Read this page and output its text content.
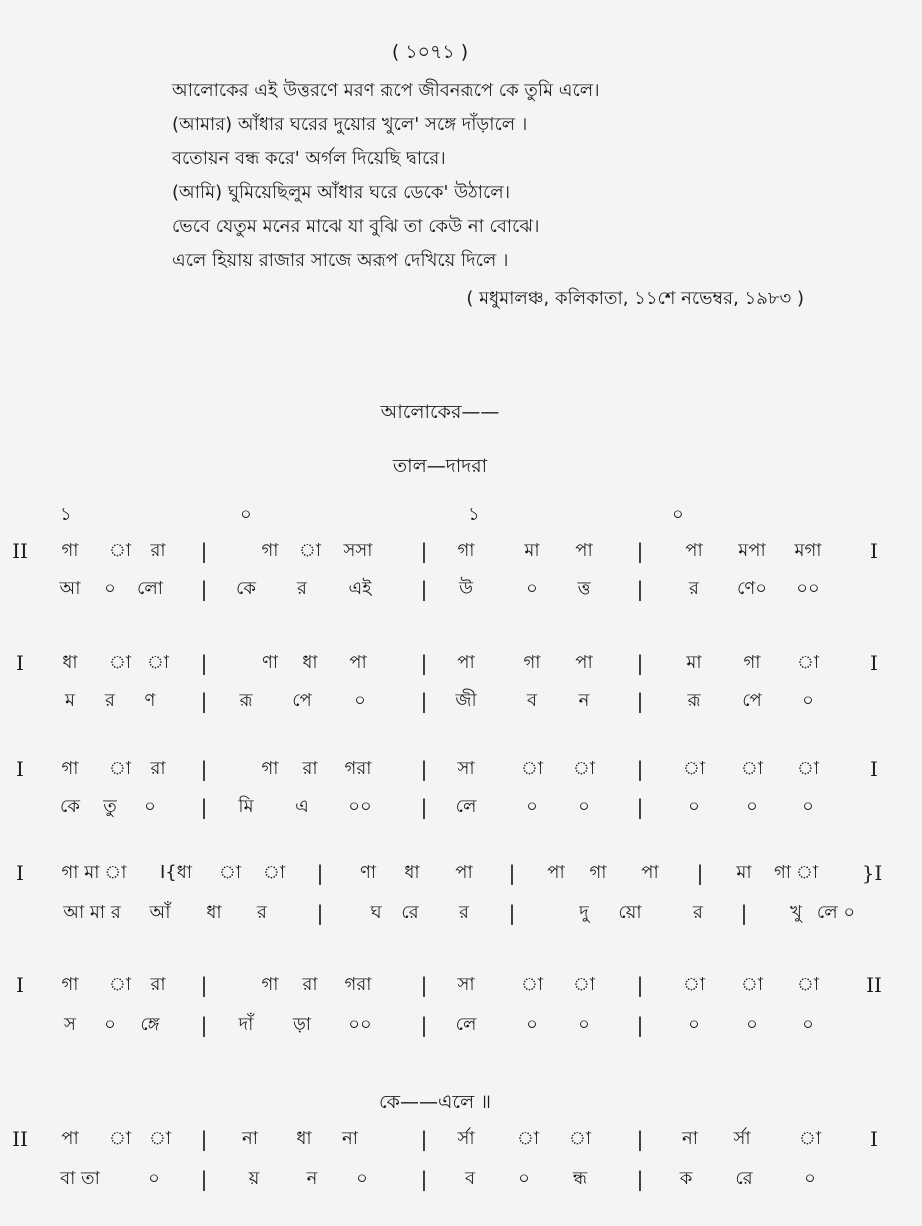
( ১০৭১ )
আলোকের এই উত্তরণে মরণ রূপে জীবনরূপে কে তুমি এলে।
(আমার) আঁধার ঘরের দুয়োর খুলে' সঙ্গে দাঁড়ালে ।
বতোয়ন বন্ধ করে' অর্গল দিয়েছি দ্বারে।
(আমি) ঘুমিয়েছিলুম আঁধার ঘরে ডেকে' উঠালে।
ভেবে যেতুম মনের মাঝে যা বুঝি তা কেউ না বোঝে।
এলে হিয়ায় রাজার সাজে অরূপ দেখিয়ে দিলে ।
( মধুমালঞ্চ, কলিকাতা, ১১শে নভেম্বর, ১৯৮৩ )
আলোকের——
তাল—দাদরা
১	০	১	০
II গা া রা |	গা া সসা | গা	মা পা | পা মপা মগা I
আ ০ লো | কে র এই | উ	০ ত্ত |	র ণে০ ০০
I ধা া া |	ণা ধা পা	| পা	গা পা | মা গা া	I
ম র ণ | রূ পে ০	| জী	ব ন | রূ পে ০
I গা া রা |	গা রা গরা | সা	া া | া া া	I
কে তু ০ | মি এ ০০ | লে	০ ০ | ০	০ ০
I গা মা া I{ধা া া | ণা ধা পা | পা গা পা | মা গা া }I
আ মা র আঁ ধা র |	ঘ রে র |	দু য়ো	র | খু লে ০
I গা া রা |	গা রা গরা | সা	া া | া া া II
স ০ ঙ্গে | দাঁ ড়া ০০ | লে	০ ০ | ০	০ ০
কে——এলে ॥
II পা া া | না ধা না	| র্সা া া | না র্সা	া I
বা তা	০ | য়	ন ০	| ব ০ ন্ধ | ক রে	০
